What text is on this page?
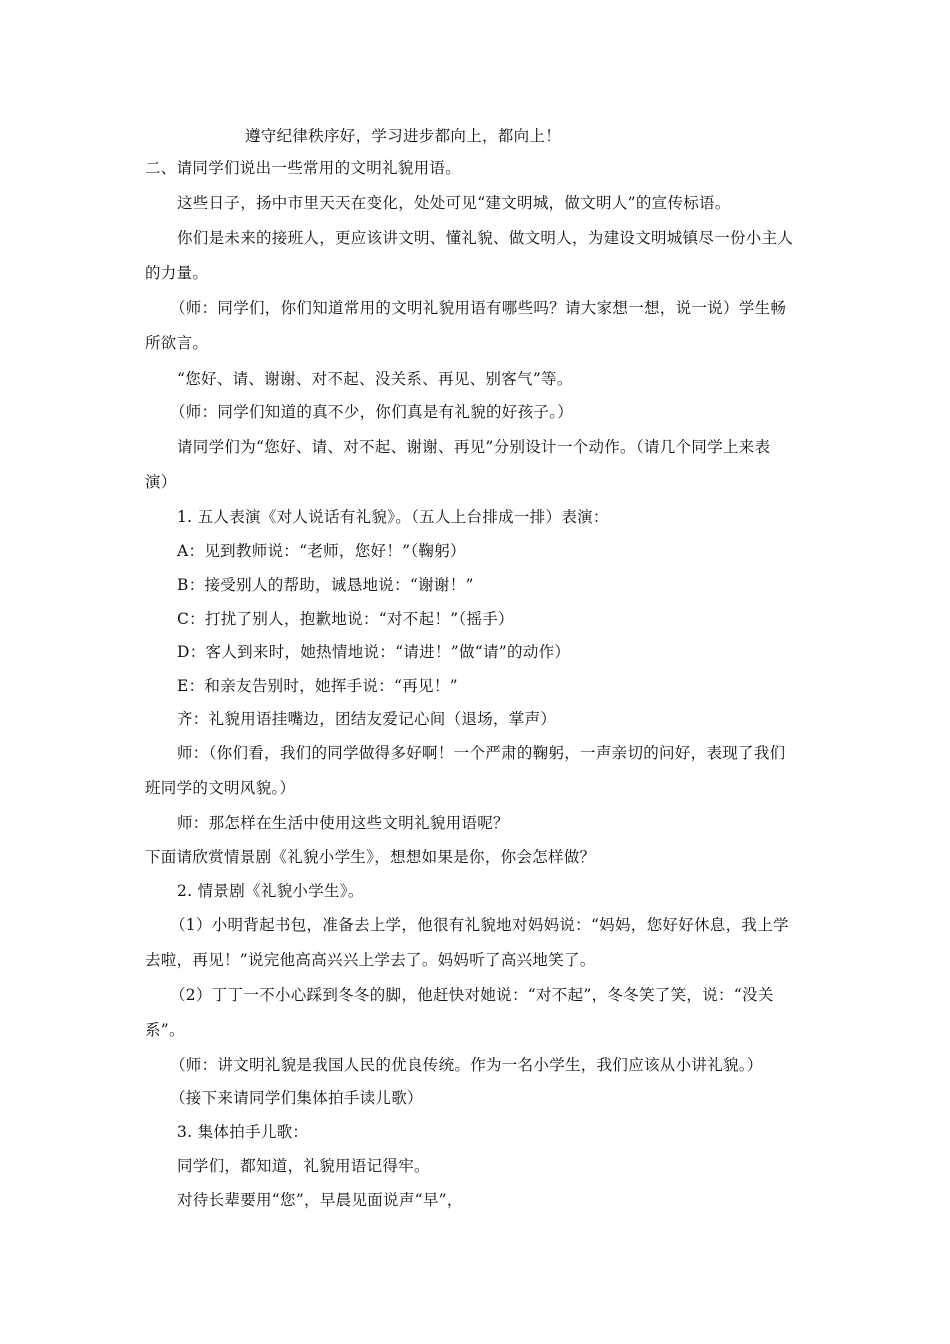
遵守纪律秩序好，学习进步都向上，都向上！
二、请同学们说出一些常用的文明礼貌用语。
这些日子，扬中市里天天在变化，处处可见“建文明城，做文明人”的宣传标语。
你们是未来的接班人，更应该讲文明、懂礼貌、做文明人，为建设文明城镇尽一份小主人
的力量。
（师：同学们，你们知道常用的文明礼貌用语有哪些吗？请大家想一想，说一说）学生畅
所欲言。
“您好、请、谢谢、对不起、没关系、再见、别客气”等。
（师：同学们知道的真不少，你们真是有礼貌的好孩子。）
请同学们为“您好、请、对不起、谢谢、再见”分别设计一个动作。（请几个同学上来表
演）
1. 五人表演《对人说话有礼貌》。（五人上台排成一排）表演：
A：见到教师说：“老师，您好！”（鞠躬）
B：接受别人的帮助，诚恳地说：“谢谢！”
C：打扰了别人，抱歉地说：“对不起！”（摇手）
D：客人到来时，她热情地说：“请进！”做“请”的动作）
E：和亲友告别时，她挥手说：“再见！”
齐：礼貌用语挂嘴边，团结友爱记心间（退场，掌声）
师：（你们看，我们的同学做得多好啊！一个严肃的鞠躬，一声亲切的问好，表现了我们
班同学的文明风貌。）
师：那怎样在生活中使用这些文明礼貌用语呢？
下面请欣赏情景剧《礼貌小学生》，想想如果是你，你会怎样做？
2. 情景剧《礼貌小学生》。
（1）小明背起书包，准备去上学，他很有礼貌地对妈妈说：“妈妈，您好好休息，我上学
去啦，再见！”说完他高高兴兴上学去了。妈妈听了高兴地笑了。
（2）丁丁一不小心踩到冬冬的脚，他赶快对她说：“对不起”，冬冬笑了笑，说：“没关
系”。
（师：讲文明礼貌是我国人民的优良传统。作为一名小学生，我们应该从小讲礼貌。）
（接下来请同学们集体拍手读儿歌）
3. 集体拍手儿歌：
同学们，都知道，礼貌用语记得牢。
对待长辈要用“您”，早晨见面说声“早”，
